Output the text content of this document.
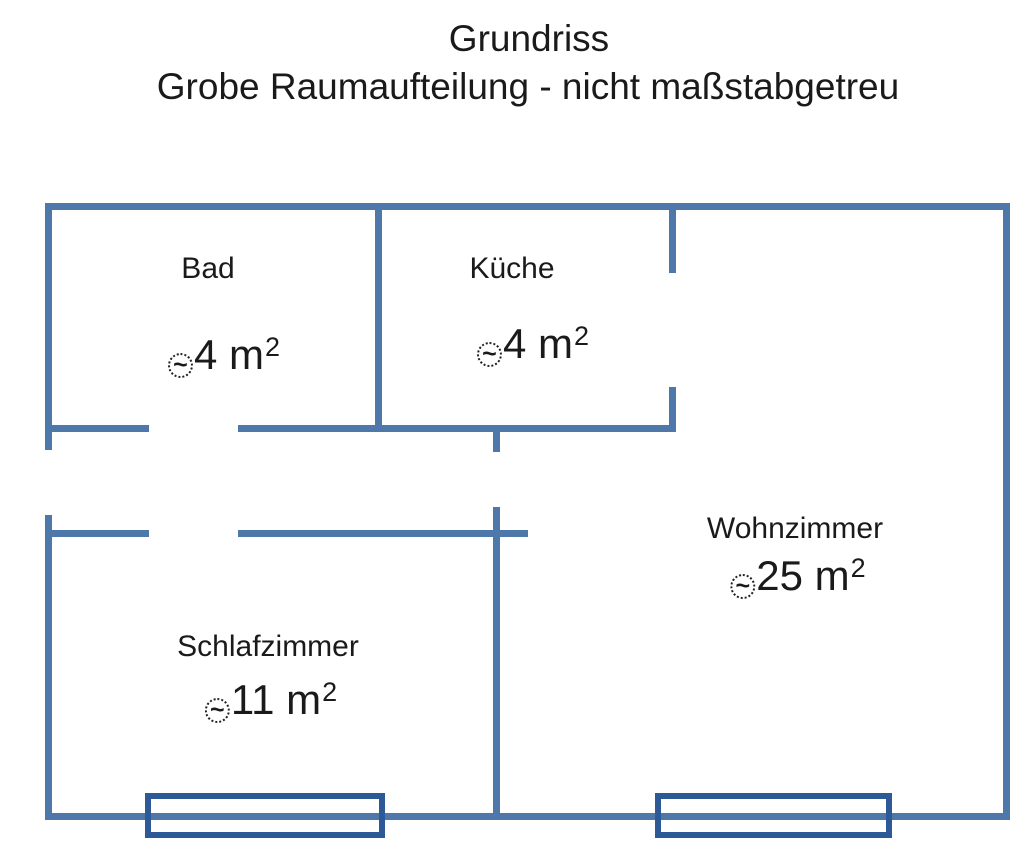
Grundriss
Grobe Raumaufteilung - nicht maßstabgetreu
Bad
~ 4 $m^2$
Küche
~ 4 $m^2$
Wohnzimmer
~ 25 $m^2$
Schlafzimmer
~ 11 $m^2$
